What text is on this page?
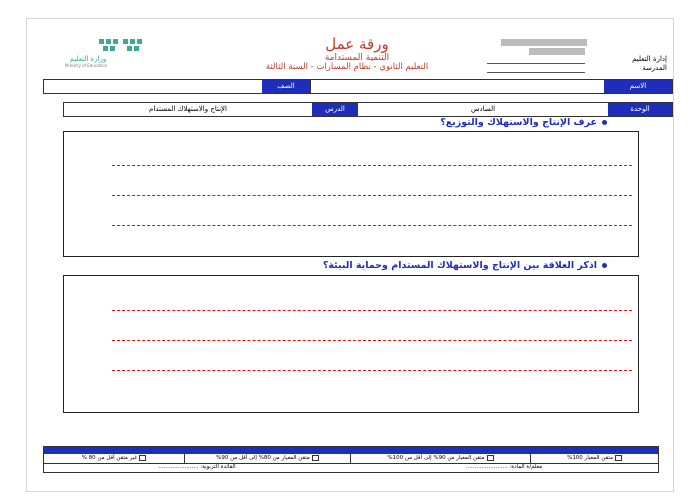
إدارة التعليم
المدرسة
ورقة عمل
التنمية المستدامة
التعليم الثانوي - نظام المسارات - السنة الثالثة
وزارة التعليم
Ministry of Education
الاسم
الصف
الوحدة
السادس
الدرس
الإنتاج والاستهلاك المستدام
عرف الإنتاج والاستهلاك والتوزيع؟
اذكر العلاقة بين الإنتاج والاستهلاك المستدام وحماية البيئة؟
متقن المعيار 100%
متقن المعيار من 90% إلى أقل من 100%
متقن المعيار من 80% إلى أقل من 90%
غير متقن أقل من 80 %
معلم/ة المادة: ........................
القائدة التربوية: .......................
